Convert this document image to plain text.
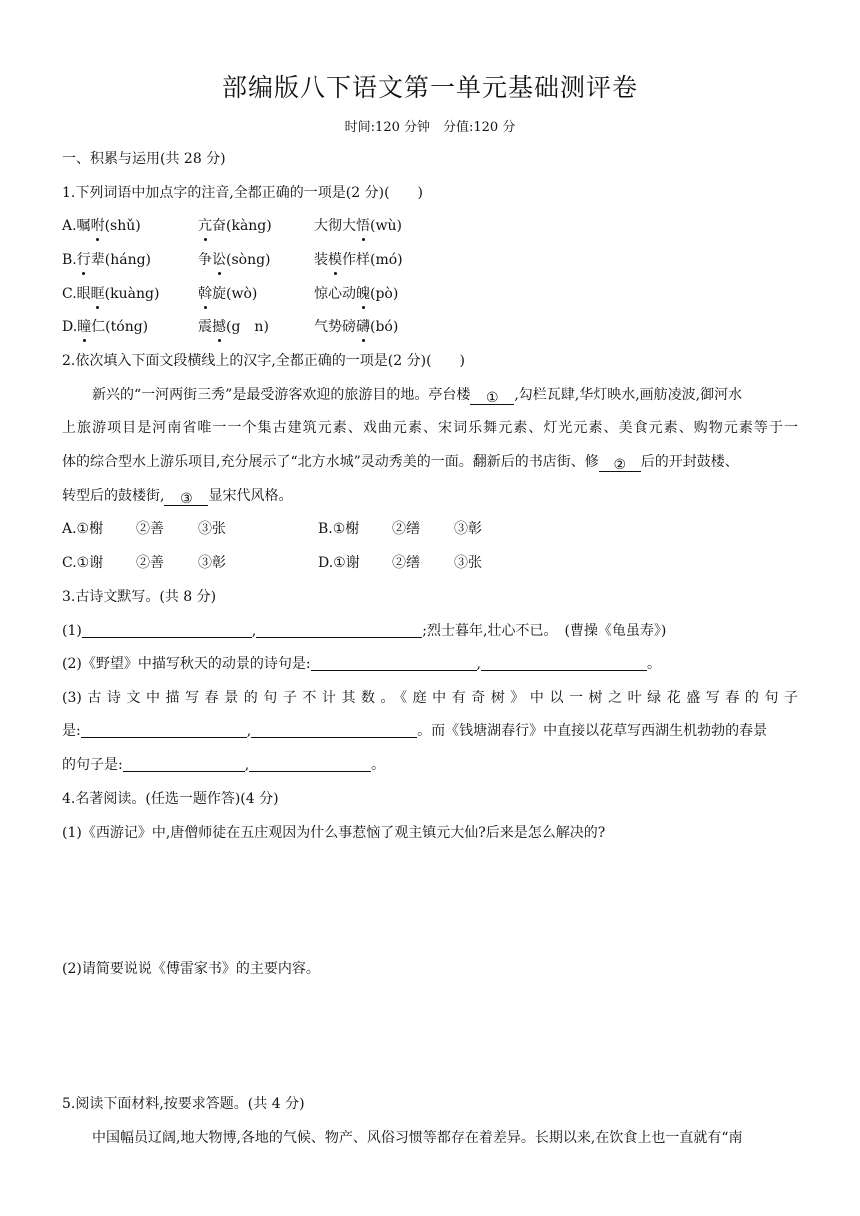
部编版八下语文第一单元基础测评卷
时间:120 分钟　分值:120 分
一、积累与运用(共 28 分)
1.下列词语中加点字的注音,全都正确的一项是(2 分)(　　)
A.嘱咐(shǔ)	亢奋(kàng)	大彻大悟(wù)
B.行辈(háng)	争讼(sòng)	装模作样(mó)
C.眼眶(kuàng)	斡旋(wò)	惊心动魄(pò)
D.瞳仁(tóng)	震撼(g　n)	气势磅礴(bó)
2.依次填入下面文段横线上的汉字,全都正确的一项是(2 分)(　　)
新兴的“一河两街三秀”是最受游客欢迎的旅游目的地。亭台楼 ① ,勾栏瓦肆,华灯映水,画舫凌波,御河水
上旅游项目是河南省唯一一个集古建筑元素、戏曲元素、宋词乐舞元素、灯光元素、美食元素、购物元素等于一
体的综合型水上游乐项目,充分展示了“北方水城”灵动秀美的一面。翻新后的书店街、修 ② 后的开封鼓楼、
转型后的鼓楼街, ③ 显宋代风格。
A.①榭 ②善 ③张	B.①榭 ②缮 ③彰
C.①谢 ②善 ③彰	D.①谢 ②缮 ③张
3.古诗文默写。(共 8 分)
(1)	,	;烈士暮年,壮心不已。　(曹操《龟虽寿》)
(2)《野望》中描写秋天的动景的诗句是:	,	。
(3)古诗文中描写春景的句子不计其数。《庭中有奇树》中以一树之叶绿花盛写春的句子
是:	,	。而《钱塘湖春行》中直接以花草写西湖生机勃勃的春景
的句子是:	,	。
4.名著阅读。(任选一题作答)(4 分)
(1)《西游记》中,唐僧师徒在五庄观因为什么事惹恼了观主镇元大仙?后来是怎么解决的?
(2)请简要说说《傅雷家书》的主要内容。
5.阅读下面材料,按要求答题。(共 4 分)
中国幅员辽阔,地大物博,各地的气候、物产、风俗习惯等都存在着差异。长期以来,在饮食上也一直就有“南
